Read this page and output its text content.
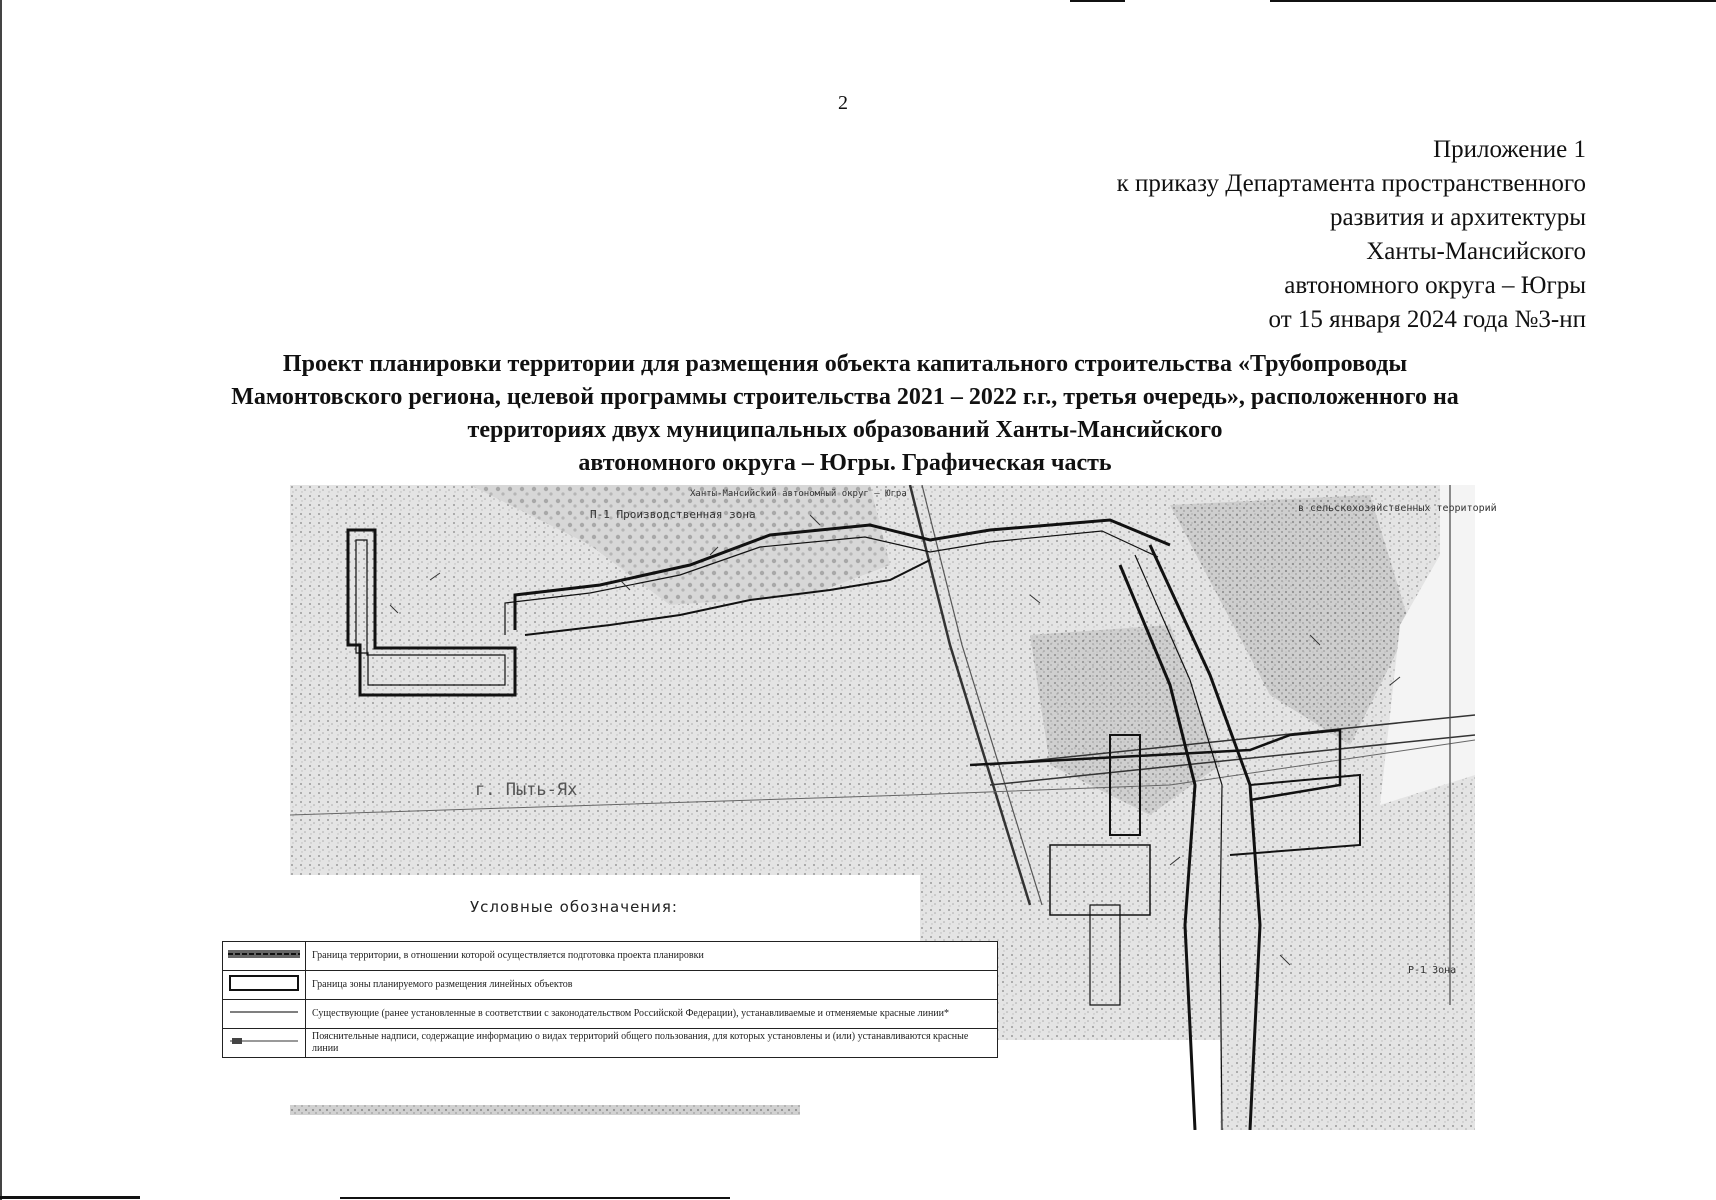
2
Приложение 1
к приказу Департамента пространственного
развития и архитектуры
Ханты-Мансийского
автономного округа – Югры
от 15 января 2024 года №3-нп
Проект планировки территории для размещения объекта капитального строительства «Трубопроводы
Мамонтовского региона, целевой программы строительства 2021 – 2022 г.г., третья очередь», расположенного на
территориях двух муниципальных образований Ханты-Мансийского
автономного округа – Югры. Графическая часть
Ханты-Мансийский автономный округ – Югра
П-1 Производственная зона
г. Пыть-Ях
в сельскохозяйственных территорий
Р-1 Зона
Условные обозначения:
	Граница территории, в отношении которой осуществляется подготовка проекта планировки
	Граница зоны планируемого размещения линейных объектов
	Существующие (ранее установленные в соответствии с законодательством Российской Федерации), устанавливаемые и отменяемые красные линии*
	Пояснительные надписи, содержащие информацию о видах территорий общего пользования, для которых установлены и (или) устанавливаются красные линии
